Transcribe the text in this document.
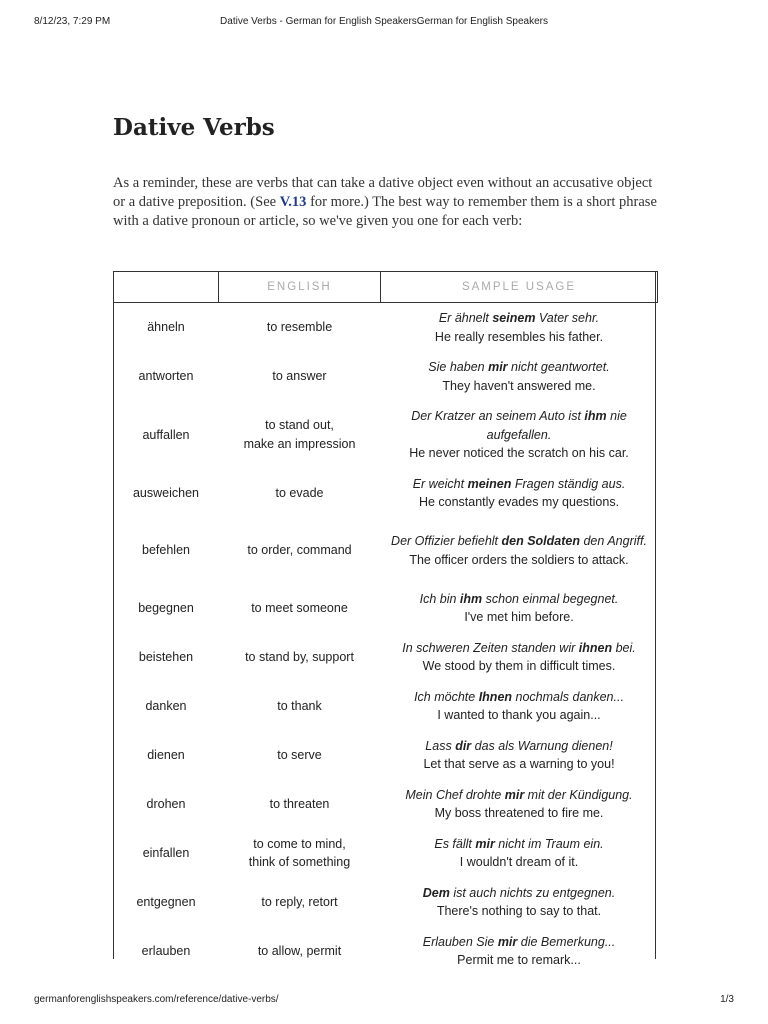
8/12/23, 7:29 PM	Dative Verbs - German for English SpeakersGerman for English Speakers
Dative Verbs

As a reminder, these are verbs that can take a dative object even without an accusative object or a dative preposition. (See V.13 for more.) The best way to remember them is a short phrase with a dative pronoun or article, so we've given you one for each verb:

	ENGLISH	SAMPLE USAGE
ähneln	to resemble	Er ähnelt seinem Vater sehr.
He really resembles his father.

antworten	to answer	Sie haben mir nicht geantwortet.
They haven't answered me.

auffallen	to stand out,
make an impression	Der Kratzer an seinem Auto ist ihm nie aufgefallen.
He never noticed the scratch on his car.

ausweichen	to evade	Er weicht meinen Fragen ständig aus.
He constantly evades my questions.

befehlen	to order, command	Der Offizier befiehlt den Soldaten den Angriff.
The officer orders the soldiers to attack.

begegnen	to meet someone	Ich bin ihm schon einmal begegnet.
I've met him before.

beistehen	to stand by, support	In schweren Zeiten standen wir ihnen bei.
We stood by them in difficult times.

danken	to thank	Ich möchte Ihnen nochmals danken...
I wanted to thank you again...

dienen	to serve	Lass dir das als Warnung dienen!
Let that serve as a warning to you!

drohen	to threaten	Mein Chef drohte mir mit der Kündigung.
My boss threatened to fire me.

einfallen	to come to mind,
think of something	Es fällt mir nicht im Traum ein.
I wouldn't dream of it.

entgegnen	to reply, retort	Dem ist auch nichts zu entgegnen.
There's nothing to say to that.

erlauben	to allow, permit	Erlauben Sie mir die Bemerkung...
Permit me to remark...
germanforenglishspeakers.com/reference/dative-verbs/	1/3
